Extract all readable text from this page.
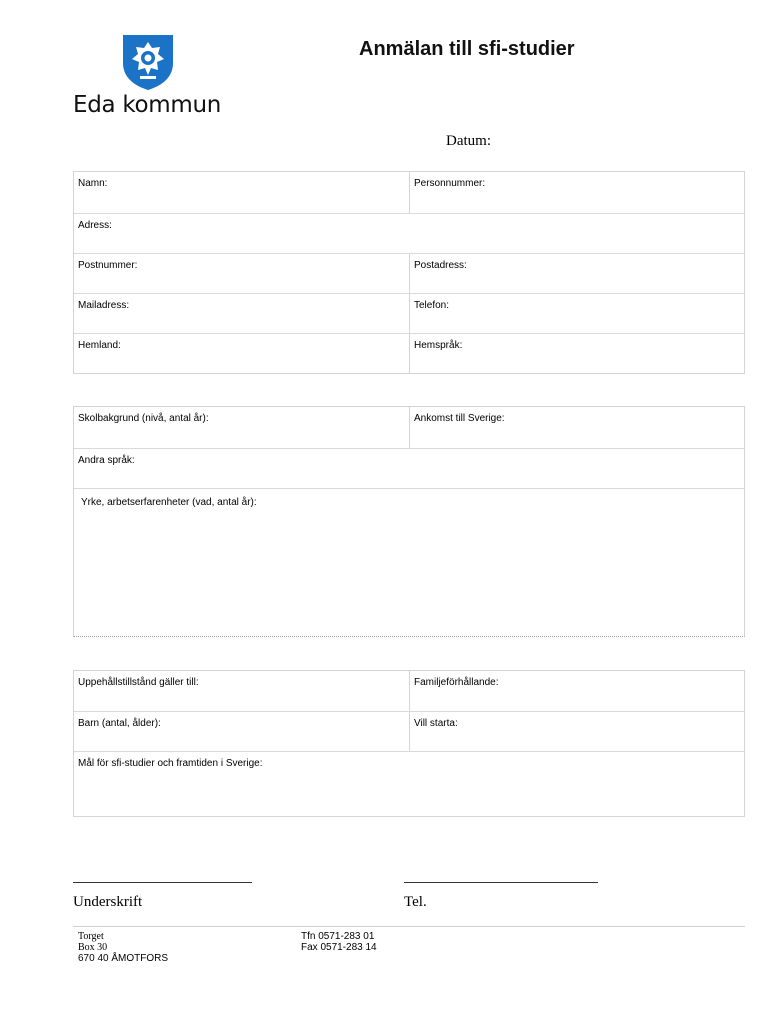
Eda kommun
Anmälan till sfi-studier
Datum:
Namn:	Personnummer:
Adress:
Postnummer:	Postadress:
Mailadress:	Telefon:
Hemland:	Hemspråk:
Skolbakgrund (nivå, antal år):	Ankomst till Sverige:
Andra språk:
Yrke, arbetserfarenheter (vad, antal år):
Uppehållstillstånd gäller till:	Familjeförhållande:
Barn (antal, ålder):	Vill starta:
Mål för sfi-studier och framtiden i Sverige:
Underskrift	Tel.
Torget
Box 30
670 40 ÅMOTFORS
Tfn 0571-283 01
Fax 0571-283 14
